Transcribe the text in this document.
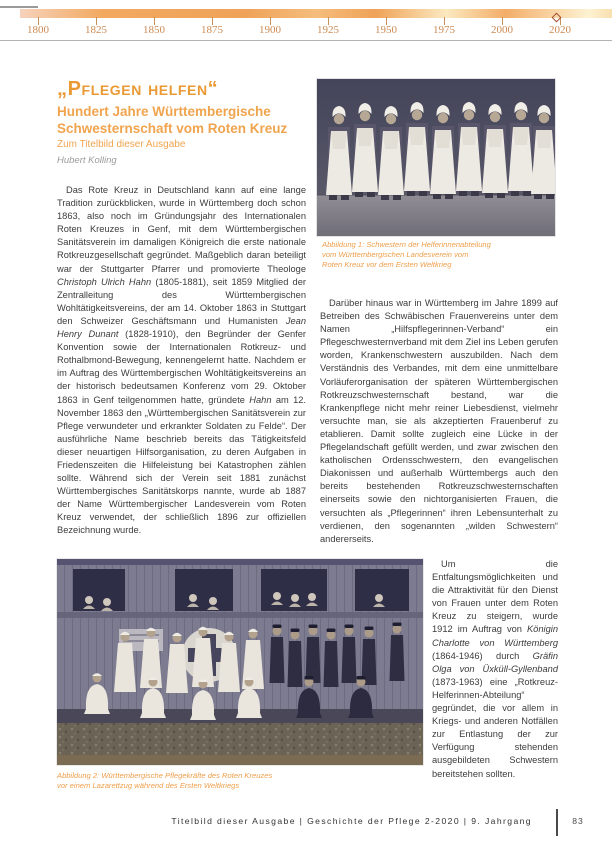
1800	1825	1850	1875	1900	1925	1950	1975	2000	2020
„Pflegen helfen“
Hundert Jahre Württembergische
Schwesternschaft vom Roten Kreuz
Zum Titelbild dieser Ausgabe
Hubert Kolling
Abbildung 1: Schwestern der Helferinnenabteilung
vom Württembergischen Landesverein vom
Roten Kreuz vor dem Ersten Weltkrieg
Das Rote Kreuz in Deutschland kann auf eine lange Tradition zurückblicken, wurde in Württemberg doch schon 1863, also noch im Gründungsjahr des Internationalen Roten Kreuzes in Genf, mit dem Württembergischen Sanitätsverein im damaligen Königreich die erste nationale Rotkreuzgesellschaft gegründet. Maßgeblich daran beteiligt war der Stuttgarter Pfarrer und promovierte Theologe Christoph Ulrich Hahn (1805-1881), seit 1859 Mitglied der Zentralleitung des Württembergischen Wohltätigkeitsvereins, der am 14. Oktober 1863 in Stuttgart den Schweizer Geschäftsmann und Humanisten Jean Henry Dunant (1828-1910), den Begründer der Genfer Konvention sowie der Internationalen Rotkreuz- und Rothalbmond-Bewegung, kennengelernt hatte. Nachdem er im Auftrag des Württembergischen Wohltätigkeitsvereins an der historisch bedeutsamen Konferenz vom 29. Oktober 1863 in Genf teilgenommen hatte, gründete Hahn am 12. November 1863 den „Württembergischen Sanitätsverein zur Pflege verwundeter und erkrankter Soldaten zu Felde“. Der ausführliche Name beschrieb bereits das Tätigkeitsfeld dieser neuartigen Hilfsorganisation, zu deren Aufgaben in Friedenszeiten die Hilfeleistung bei Katastrophen zählen sollte. Während sich der Verein seit 1881 zunächst Württembergisches Sanitätskorps nannte, wurde ab 1887 der Name Württembergischer Landesverein vom Roten Kreuz verwendet, der schließlich 1896 zur offiziellen Bezeichnung wurde.
Darüber hinaus war in Württemberg im Jahre 1899 auf Betreiben des Schwäbischen Frauenvereins unter dem Namen „Hilfspflegerinnen-Verband“ ein Pflegeschwesternverband mit dem Ziel ins Leben gerufen worden, Krankenschwestern auszubilden. Nach dem Verständnis des Verbandes, mit dem eine unmittelbare Vorläuferorganisation der späteren Württembergischen Rotkreuzschwesternschaft bestand, war die Krankenpflege nicht mehr reiner Liebesdienst, vielmehr versuchte man, sie als akzeptierten Frauenberuf zu etablieren. Damit sollte zugleich eine Lücke in der Pflegelandschaft gefüllt werden, und zwar zwischen den katholischen Ordensschwestern, den evangelischen Diakonissen und außerhalb Württembergs auch den bereits bestehenden Rotkreuzschwesternschaften einerseits sowie den nichtorganisierten Frauen, die versuchten als „Pflegerinnen“ ihren Lebensunterhalt zu verdienen, den sogenannten „wilden Schwestern“ andererseits.
Um die Entfaltungsmöglichkeiten und die Attraktivität für den Dienst von Frauen unter dem Roten Kreuz zu steigern, wurde 1912 im Auftrag von Königin Charlotte von Württemberg (1864-1946) durch Gräfin Olga von Üxküll-Gyllenband (1873-1963) eine „Rotkreuz-Helferinnen-Abteilung“ gegründet, die vor allem in Kriegs- und anderen Notfällen zur Entlastung der zur Verfügung stehenden ausgebildeten Schwestern bereitstehen sollten.
Abbildung 2: Württembergische Pflegekräfte des Roten Kreuzes
vor einem Lazarettzug während des Ersten Weltkriegs
Titelbild dieser Ausgabe | Geschichte der Pflege 2-2020 | 9. Jahrgang	83
